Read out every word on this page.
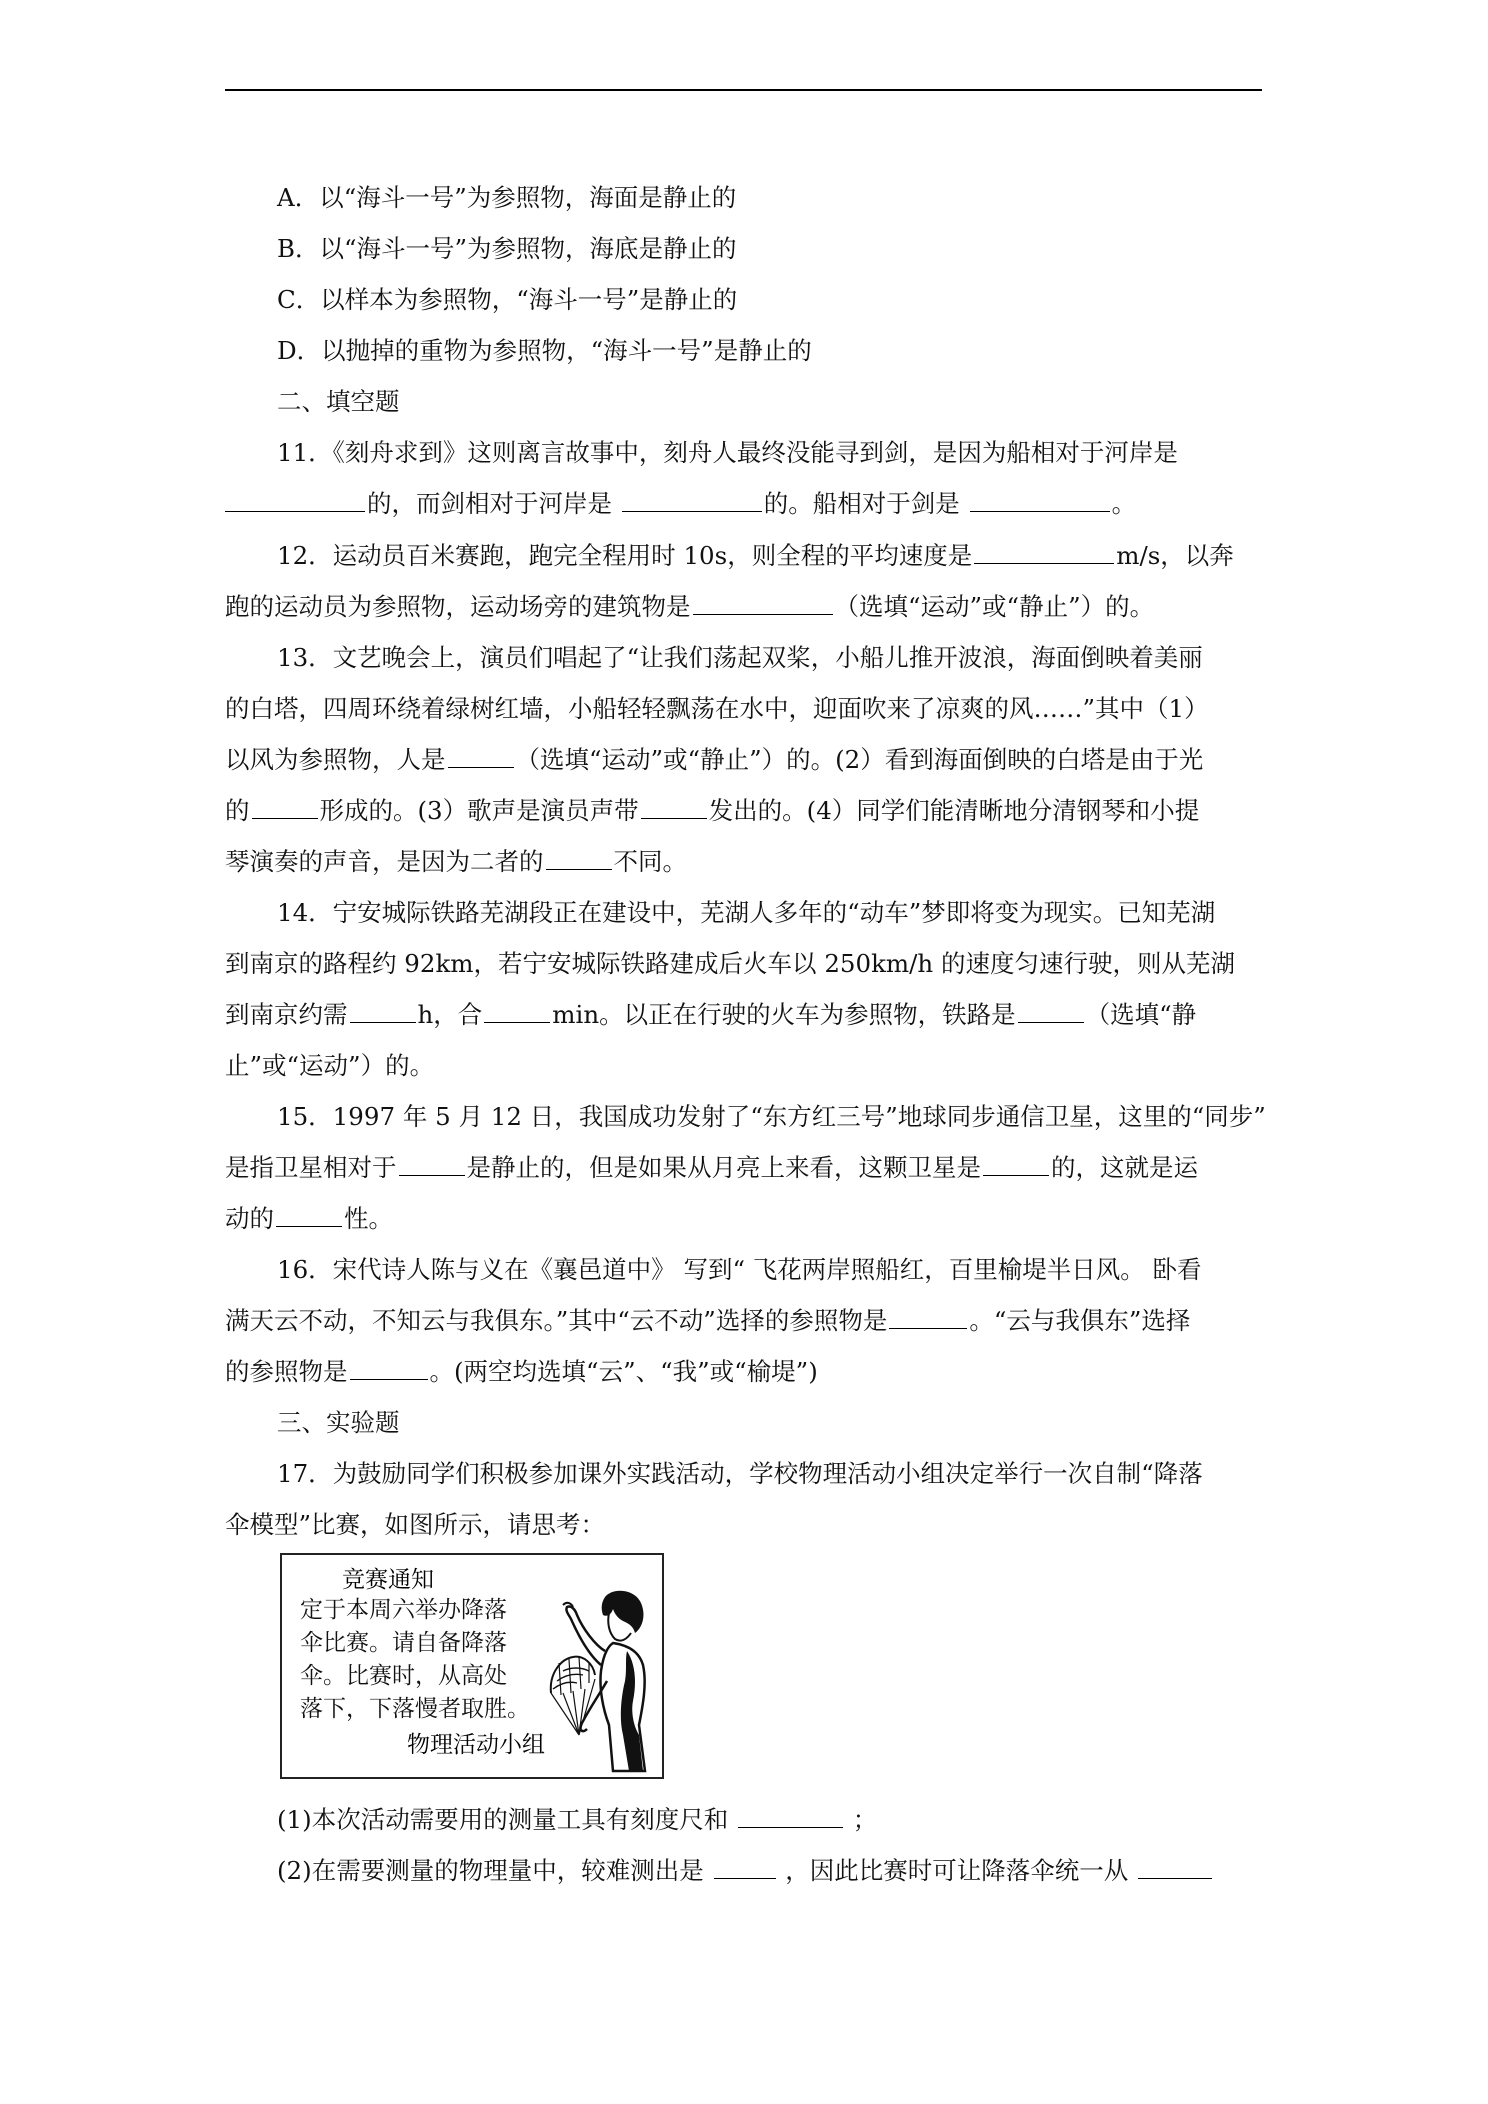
A．以“海斗一号”为参照物，海面是静止的
B．以“海斗一号”为参照物，海底是静止的
C．以样本为参照物，“海斗一号”是静止的
D．以抛掉的重物为参照物，“海斗一号”是静止的
二、填空题
11．《刻舟求到》这则离言故事中，刻舟人最终没能寻到剑，是因为船相对于河岸是
的，而剑相对于河岸是	的。船相对于剑是	。
12．运动员百米赛跑，跑完全程用时 10s，则全程的平均速度是	m/s，以奔
跑的运动员为参照物，运动场旁的建筑物是	（选填“运动”或“静止”）的。
13．文艺晚会上，演员们唱起了“让我们荡起双桨，小船儿推开波浪，海面倒映着美丽
的白塔，四周环绕着绿树红墙，小船轻轻飘荡在水中，迎面吹来了凉爽的风……”其中（1）
以风为参照物，人是	（选填“运动”或“静止”）的。(2）看到海面倒映的白塔是由于光
的	形成的。(3）歌声是演员声带	发出的。(4）同学们能清晰地分清钢琴和小提
琴演奏的声音，是因为二者的	不同。
14．宁安城际铁路芜湖段正在建设中，芜湖人多年的“动车”梦即将变为现实。已知芜湖
到南京的路程约 92km，若宁安城际铁路建成后火车以 250km/h 的速度匀速行驶，则从芜湖
到南京约需	h，合	min。以正在行驶的火车为参照物，铁路是	（选填“静
止”或“运动”）的。
15．1997 年 5 月 12 日，我国成功发射了“东方红三号”地球同步通信卫星，这里的“同步”
是指卫星相对于	是静止的，但是如果从月亮上来看，这颗卫星是	的，这就是运
动的	性。
16．宋代诗人陈与义在《襄邑道中》 写到“ 飞花两岸照船红，百里榆堤半日风。 卧看
满天云不动，不知云与我俱东。”其中“云不动”选择的参照物是	。“云与我俱东”选择
的参照物是	。(两空均选填“云”、“我”或“榆堤”)
三、实验题
17．为鼓励同学们积极参加课外实践活动，学校物理活动小组决定举行一次自制“降落
伞模型”比赛，如图所示，请思考：
(1)本次活动需要用的测量工具有刻度尺和	；
(2)在需要测量的物理量中，较难测出是	，因此比赛时可让降落伞统一从
竞赛通知
定于本周六举办降落
伞比赛。请自备降落
伞。比赛时，从高处
落下，下落慢者取胜。
物理活动小组
